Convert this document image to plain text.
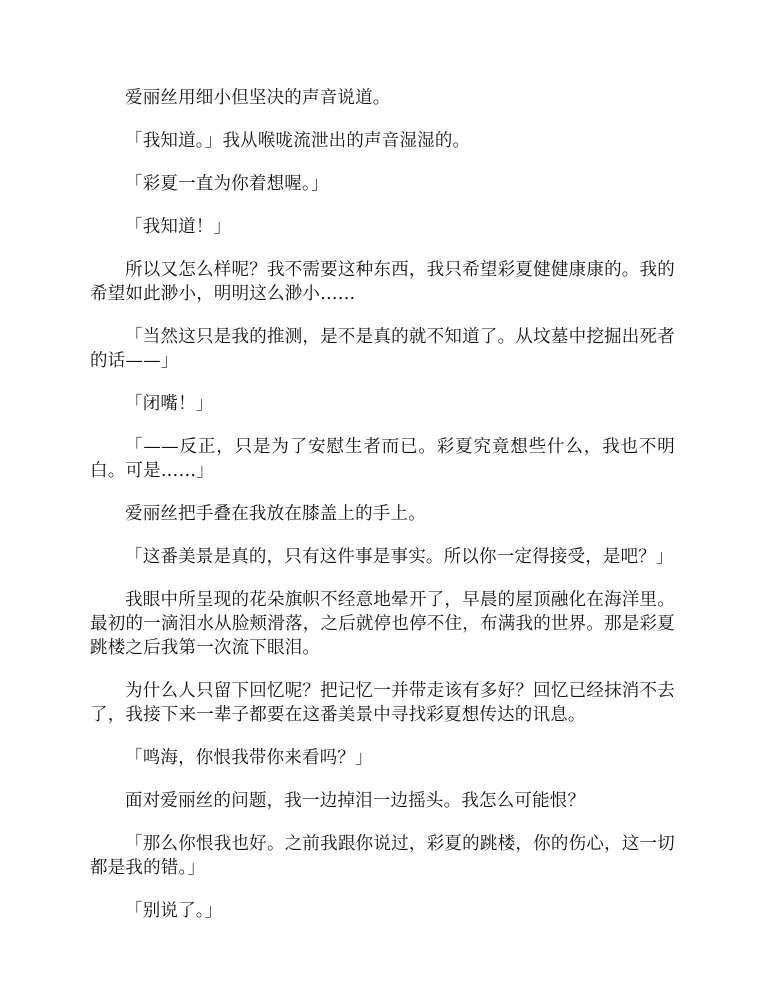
爱丽丝用细小但坚决的声音说道。

「我知道。」我从喉咙流泄出的声音湿湿的。

「彩夏一直为你着想喔。」

「我知道！」

所以又怎么样呢？我不需要这种东西，我只希望彩夏健健康康的。我的希望如此渺小，明明这么渺小……

「当然这只是我的推测，是不是真的就不知道了。从坟墓中挖掘出死者的话——」

「闭嘴！」

「——反正，只是为了安慰生者而已。彩夏究竟想些什么，我也不明白。可是……」

爱丽丝把手叠在我放在膝盖上的手上。

「这番美景是真的，只有这件事是事实。所以你一定得接受，是吧？」

我眼中所呈现的花朵旗帜不经意地晕开了，早晨的屋顶融化在海洋里。最初的一滴泪水从脸颊滑落，之后就停也停不住，布满我的世界。那是彩夏跳楼之后我第一次流下眼泪。

为什么人只留下回忆呢？把记忆一并带走该有多好？回忆已经抹消不去了，我接下来一辈子都要在这番美景中寻找彩夏想传达的讯息。

「鸣海，你恨我带你来看吗？」

面对爱丽丝的问题，我一边掉泪一边摇头。我怎么可能恨？

「那么你恨我也好。之前我跟你说过，彩夏的跳楼，你的伤心，这一切都是我的错。」

「别说了。」
